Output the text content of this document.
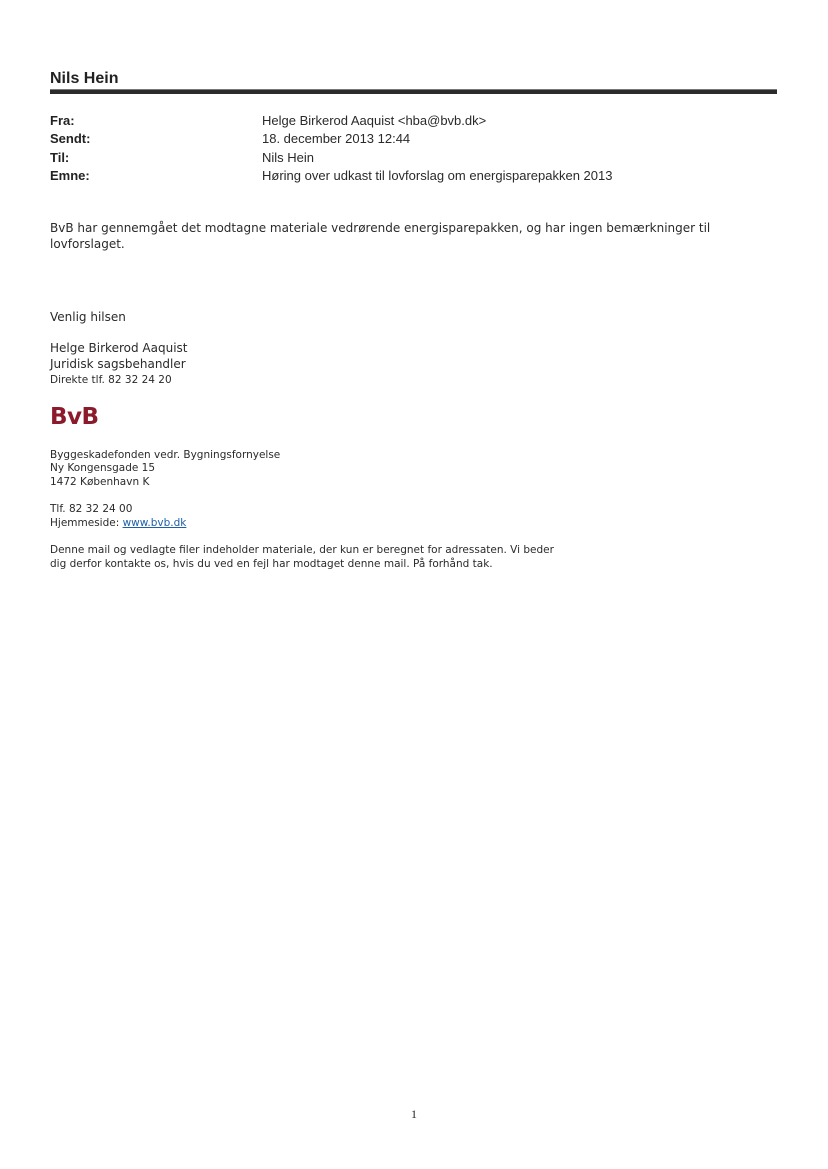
Nils Hein
Fra:	Helge Birkerod Aaquist <hba@bvb.dk>
Sendt:	18. december 2013 12:44
Til:	Nils Hein
Emne:	Høring over udkast til lovforslag om energisparepakken 2013
BvB har gennemgået det modtagne materiale vedrørende energisparepakken, og har ingen bemærkninger til lovforslaget.
Venlig hilsen
Helge Birkerod Aaquist
Juridisk sagsbehandler
Direkte tlf. 82 32 24 20
BvB
Byggeskadefonden vedr. Bygningsfornyelse
Ny Kongensgade 15
1472 København K
Tlf. 82 32 24 00
Hjemmeside: www.bvb.dk
Denne mail og vedlagte filer indeholder materiale, der kun er beregnet for adressaten. Vi beder
dig derfor kontakte os, hvis du ved en fejl har modtaget denne mail. På forhånd tak.
1
